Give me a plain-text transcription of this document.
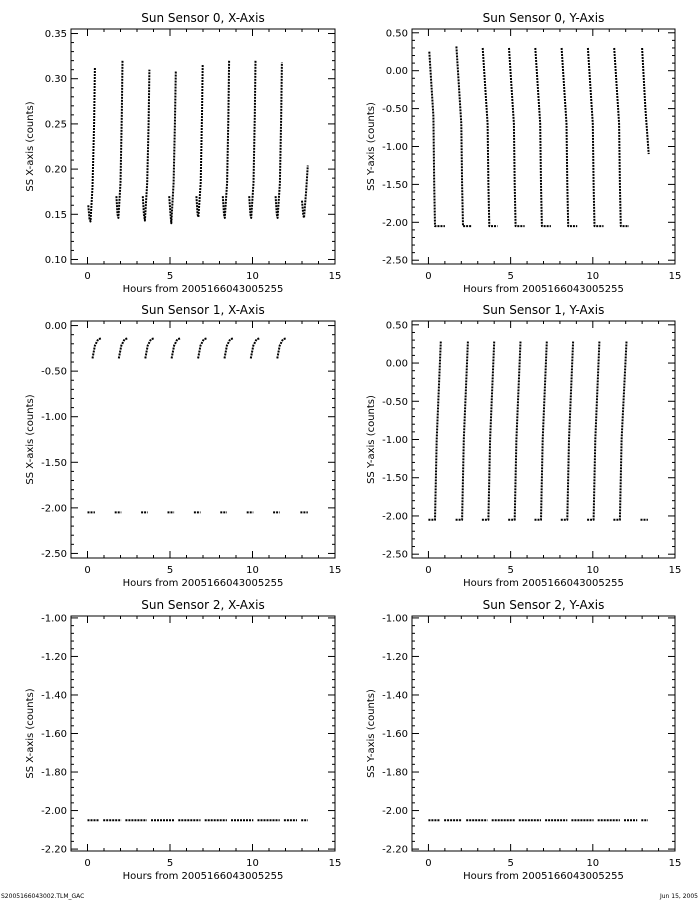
Sun Sensor 0, X-Axis
0	5	10	15
0.10
0.15
0.20
0.25
0.30
0.35
Hours from 2005166043005255
SS X-axis (counts)
Sun Sensor 0, Y-Axis
0	5	10	15
-2.50
-2.00
-1.50
-1.00
-0.50
0.00
0.50
Hours from 2005166043005255
SS Y-axis (counts)
Sun Sensor 1, X-Axis
0	5	10	15
-2.50
-2.00
-1.50
-1.00
-0.50
0.00
Hours from 2005166043005255
SS X-axis (counts)
Sun Sensor 1, Y-Axis
0	5	10	15
-2.50
-2.00
-1.50
-1.00
-0.50
0.00
0.50
Hours from 2005166043005255
SS Y-axis (counts)
Sun Sensor 2, X-Axis
0	5	10	15
-2.20
-2.00
-1.80
-1.60
-1.40
-1.20
-1.00
Hours from 2005166043005255
SS X-axis (counts)
Sun Sensor 2, Y-Axis
0	5	10	15
-2.20
-2.00
-1.80
-1.60
-1.40
-1.20
-1.00
Hours from 2005166043005255
SS Y-axis (counts)
S2005166043002.TLM_GAC	Jun 15, 2005
